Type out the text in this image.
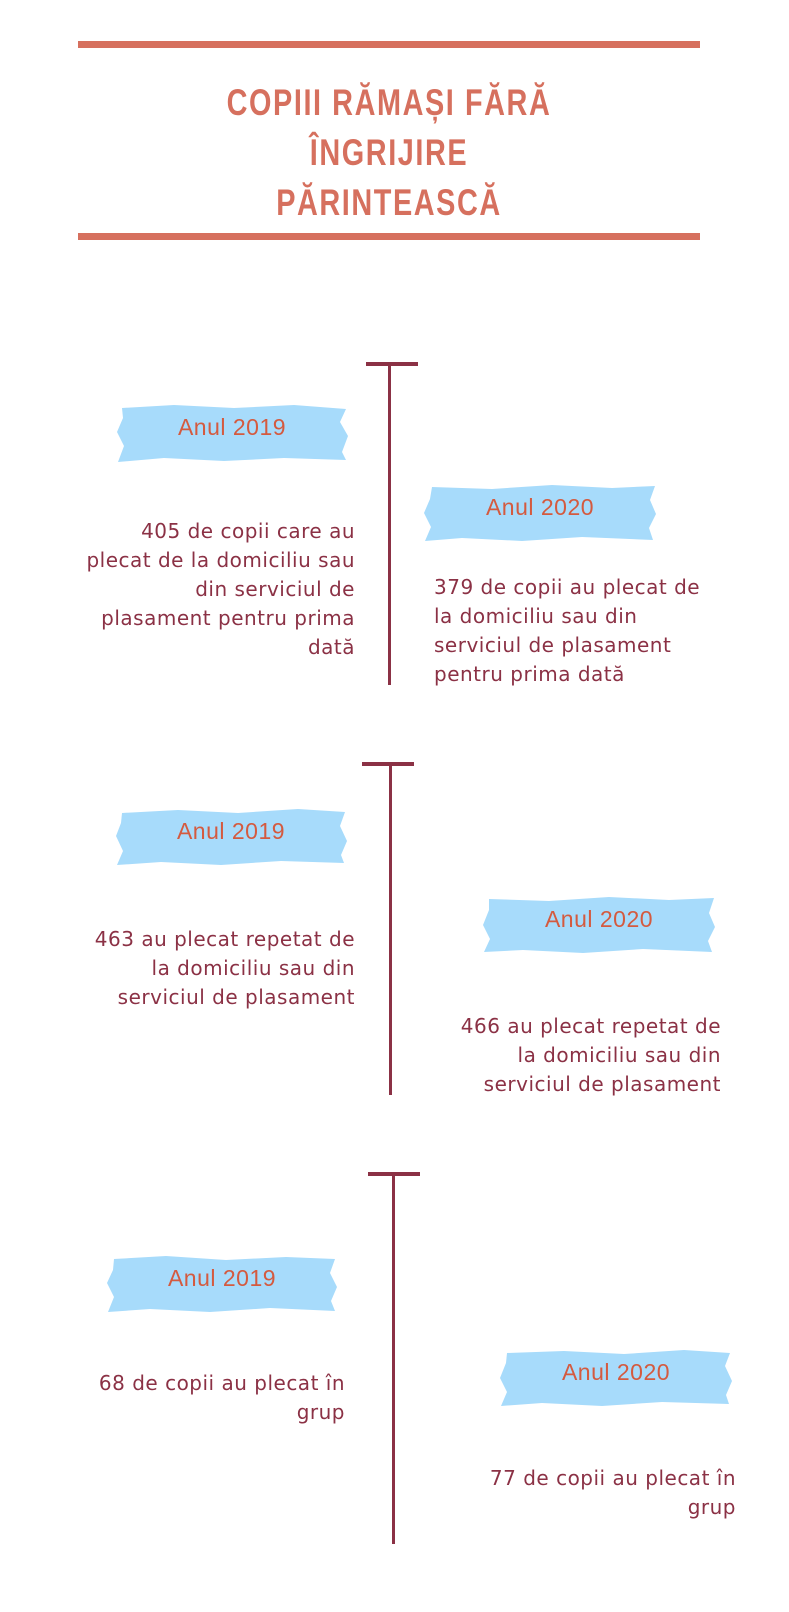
COPIII RĂMAȘI FĂRĂ ÎNGRIJIRE
PĂRINTEASCĂ
Anul 2019
405 de copii care au
plecat de la domiciliu sau
din serviciul de
plasament pentru prima
dată
Anul 2020
379 de copii au plecat de
la domiciliu sau din
serviciul de plasament
pentru prima dată
Anul 2019
463 au plecat repetat de
la domiciliu sau din
serviciul de plasament
Anul 2020
466 au plecat repetat de
la domiciliu sau din
serviciul de plasament
Anul 2019
68 de copii au plecat în
grup
Anul 2020
77 de copii au plecat în
grup
